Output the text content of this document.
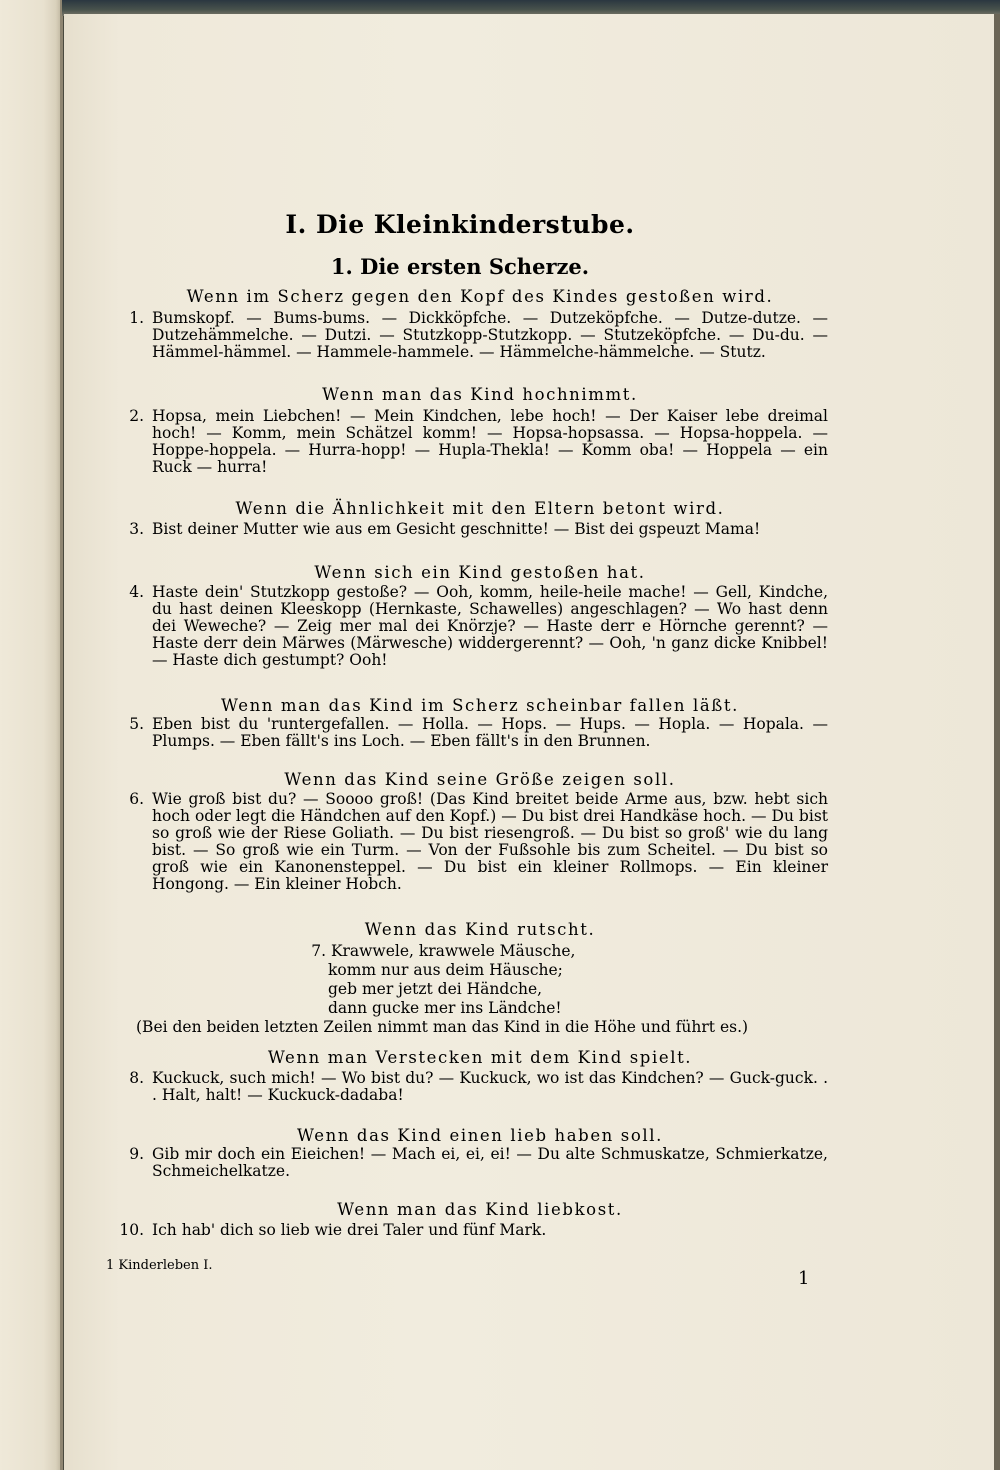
I. Die Kleinkinderstube.
1. Die ersten Scherze.
Wenn im Scherz gegen den Kopf des Kindes gestoßen wird.
1. Bumskopf. — Bums-bums. — Dickköpfche. — Dutzeköpfche. — Dutze-dutze. — Dutzehämmelche. — Dutzi. — Stutzkopp-Stutzkopp. — Stutzeköpfche. — Du-du. — Hämmel-hämmel. — Hammele-hammele. — Hämmelche-hämmelche. — Stutz.
Wenn man das Kind hochnimmt.
2. Hopsa, mein Liebchen! — Mein Kindchen, lebe hoch! — Der Kaiser lebe dreimal hoch! — Komm, mein Schätzel komm! — Hopsa-hopsassa. — Hopsa-hoppela. — Hoppe-hoppela. — Hurra-hopp! — Hupla-Thekla! — Komm oba! — Hoppela — ein Ruck — hurra!
Wenn die Ähnlichkeit mit den Eltern betont wird.
3. Bist deiner Mutter wie aus em Gesicht geschnitte! — Bist dei gspeuzt Mama!
Wenn sich ein Kind gestoßen hat.
4. Haste dein' Stutzkopp gestoße? — Ooh, komm, heile-heile mache! — Gell, Kindche, du hast deinen Kleeskopp (Hernkaste, Schawelles) angeschlagen? — Wo hast denn dei Weweche? — Zeig mer mal dei Knörzje? — Haste derr e Hörnche gerennt? — Haste derr dein Märwes (Märwesche) widdergerennt? — Ooh, 'n ganz dicke Knibbel! — Haste dich gestumpt? Ooh!
Wenn man das Kind im Scherz scheinbar fallen läßt.
5. Eben bist du 'runtergefallen. — Holla. — Hops. — Hups. — Hopla. — Hopala. — Plumps. — Eben fällt's ins Loch. — Eben fällt's in den Brunnen.
Wenn das Kind seine Größe zeigen soll.
6. Wie groß bist du? — Soooo groß! (Das Kind breitet beide Arme aus, bzw. hebt sich hoch oder legt die Händchen auf den Kopf.) — Du bist drei Handkäse hoch. — Du bist so groß wie der Riese Goliath. — Du bist riesengroß. — Du bist so groß' wie du lang bist. — So groß wie ein Turm. — Von der Fußsohle bis zum Scheitel. — Du bist so groß wie ein Kanonensteppel. — Du bist ein kleiner Rollmops. — Ein kleiner Hongong. — Ein kleiner Hobch.
Wenn das Kind rutscht.
7. Krawwele, krawwele Mäusche,
komm nur aus deim Häusche;
geb mer jetzt dei Händche,
dann gucke mer ins Ländche!
(Bei den beiden letzten Zeilen nimmt man das Kind in die Höhe und führt es.)
Wenn man Verstecken mit dem Kind spielt.
8. Kuckuck, such mich! — Wo bist du? — Kuckuck, wo ist das Kindchen? — Guck-guck. . . Halt, halt! — Kuckuck-dadaba!
Wenn das Kind einen lieb haben soll.
9. Gib mir doch ein Eieichen! — Mach ei, ei, ei! — Du alte Schmuskatze, Schmierkatze, Schmeichelkatze.
Wenn man das Kind liebkost.
10. Ich hab' dich so lieb wie drei Taler und fünf Mark.
1 Kinderleben I.
1
